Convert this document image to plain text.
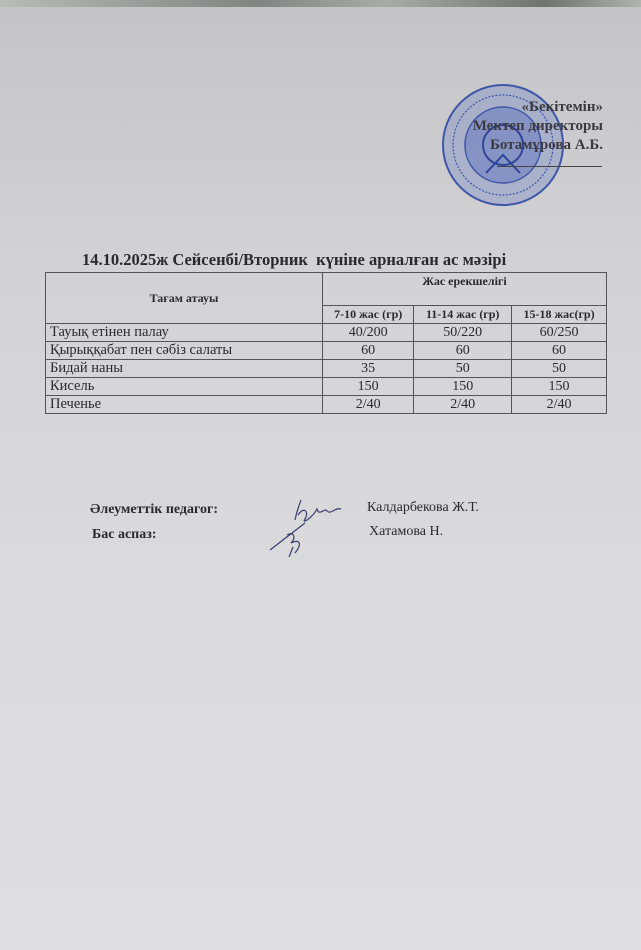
«Бекітемін»
Мектеп директоры
Ботамұрова А.Б.
14.10.2025ж Сейсенбі/Вторник  күніне арналған ас мәзірі
Тағам атауы	Жас ерекшелігі		
	7-10 жас (гр)	11-14 жас (гр)	15-18 жас(гр)
Тауық етінен палау	40/200	50/220	60/250
Қырыққабат пен сәбіз салаты	60	60	60
Бидай наны	35	50	50
Кисель	150	150	150
Печенье	2/40	2/40	2/40
Әлеуметтік педагог:	Калдарбекова Ж.Т.
Бас аспаз:	Хатамова Н.
